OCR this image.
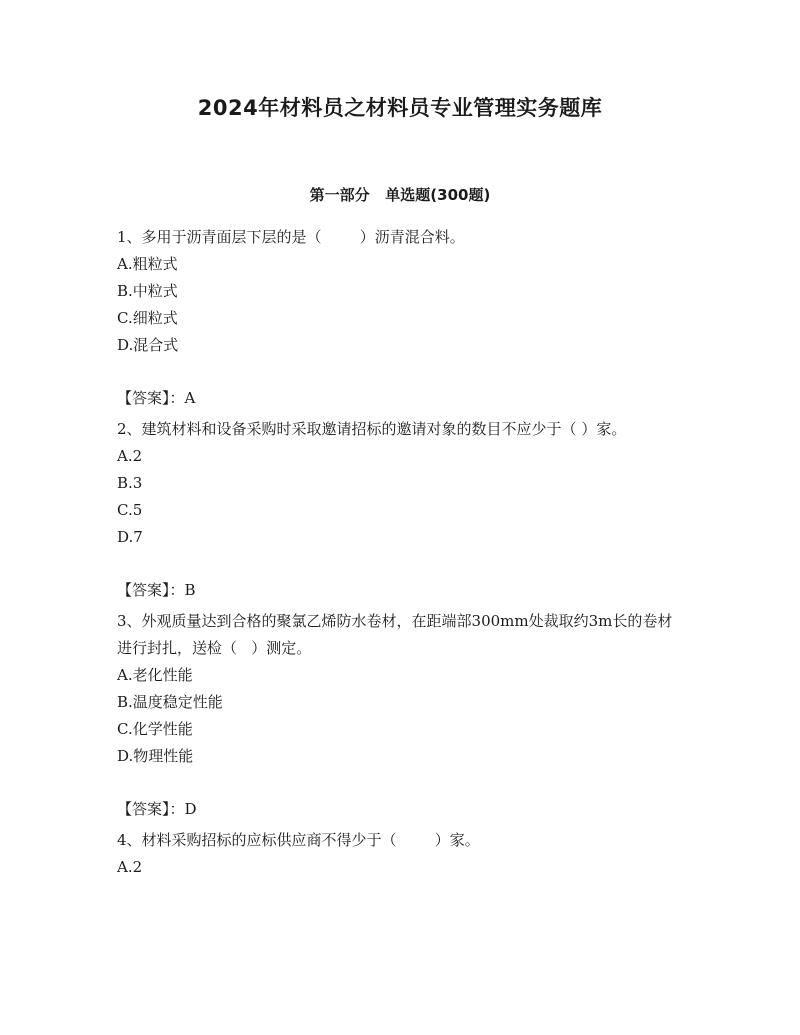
2024年材料员之材料员专业管理实务题库
第一部分   单选题(300题)
1、多用于沥青面层下层的是（        ）沥青混合料。
A.粗粒式
B.中粒式
C.细粒式
D.混合式
【答案】：A
2、建筑材料和设备采购时采取邀请招标的邀请对象的数目不应少于（ ）家。
A.2
B.3
C.5
D.7
【答案】：B
3、外观质量达到合格的聚氯乙烯防水卷材，在距端部300mm处裁取约3m长的卷材进行封扎，送检（   ）测定。
A.老化性能
B.温度稳定性能
C.化学性能
D.物理性能
【答案】：D
4、材料采购招标的应标供应商不得少于（        ）家。
A.2
